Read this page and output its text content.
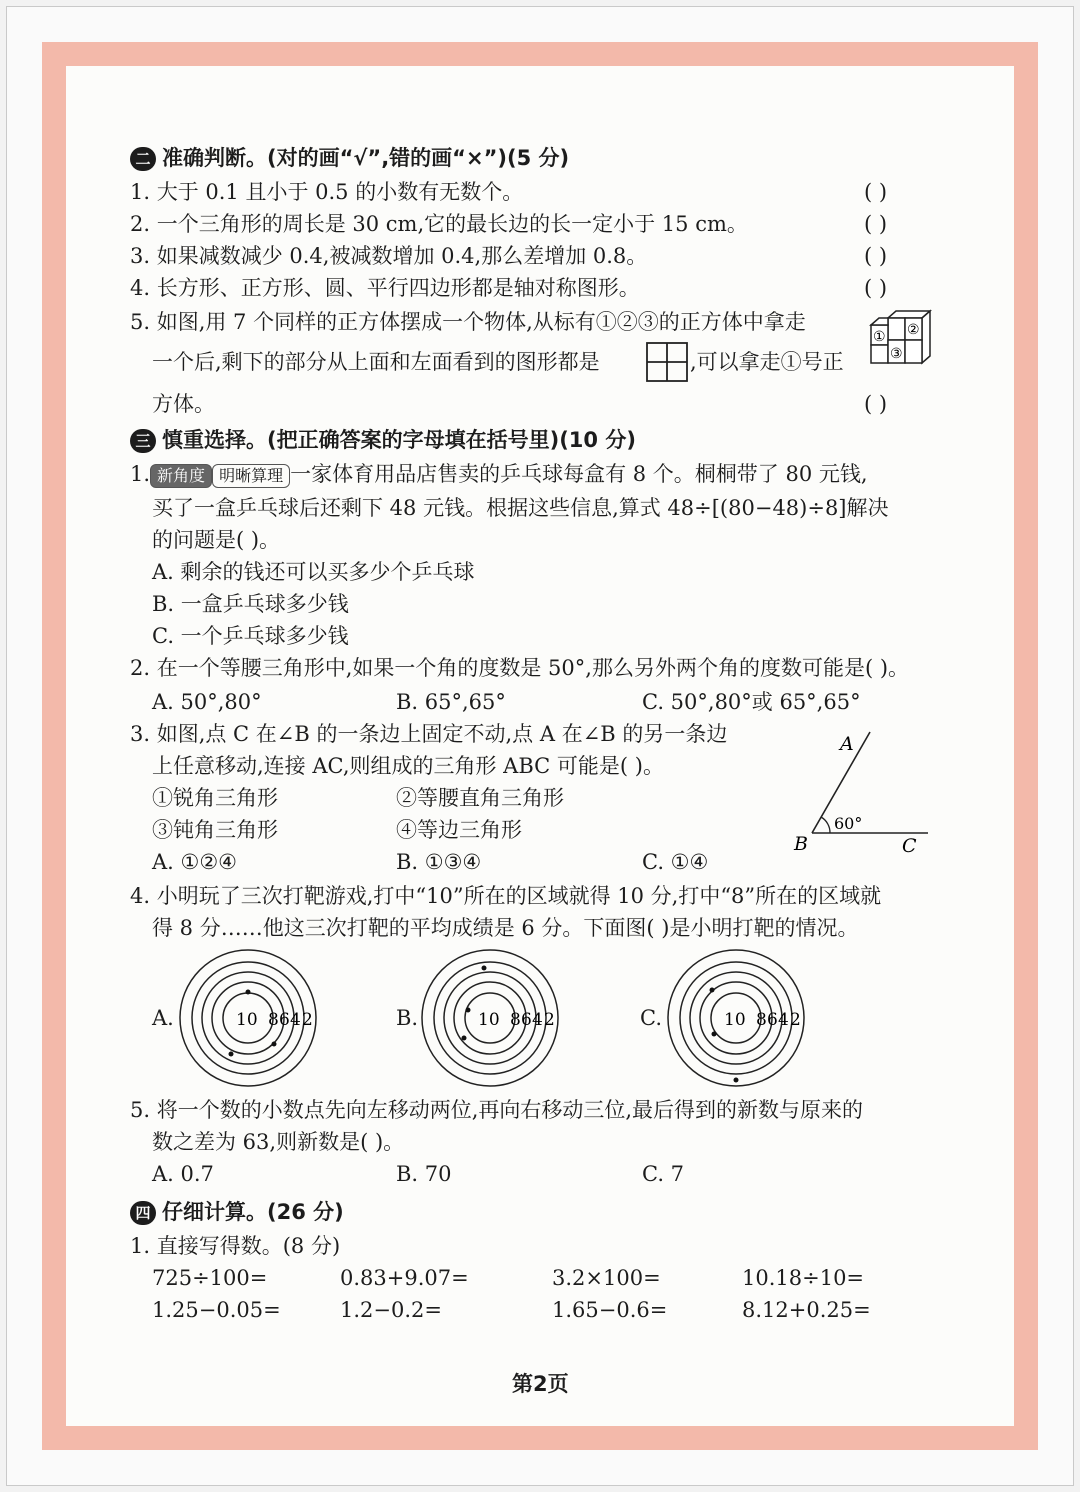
二 准确判断。(对的画“√”,错的画“×”)(5 分)
1. 大于 0.1 且小于 0.5 的小数有无数个。	( )
2. 一个三角形的周长是 30 cm,它的最长边的长一定小于 15 cm。	( )
3. 如果减数减少 0.4,被减数增加 0.4,那么差增加 0.8。	( )
4. 长方形、正方形、圆、平行四边形都是轴对称图形。	( )
5. 如图,用 7 个同样的正方体摆成一个物体,从标有①②③的正方体中拿走
一个后,剩下的部分从上面和左面看到的图形都是	,可以拿走①号正
方体。	( )
① ②
③
三 慎重选择。(把正确答案的字母填在括号里)(10 分)
1. 新角度 明晰算理 一家体育用品店售卖的乒乓球每盒有 8 个。桐桐带了 80 元钱,
买了一盒乒乓球后还剩下 48 元钱。根据这些信息,算式 48÷[(80−48)÷8]解决
的问题是( )。
A. 剩余的钱还可以买多少个乒乓球
B. 一盒乒乓球多少钱
C. 一个乒乓球多少钱
2. 在一个等腰三角形中,如果一个角的度数是 50°,那么另外两个角的度数可能是( )。
A. 50°,80°	B. 65°,65°	C. 50°,80°或 65°,65°
3. 如图,点 C 在∠B 的一条边上固定不动,点 A 在∠B 的另一条边
上任意移动,连接 AC,则组成的三角形 ABC 可能是( )。
①锐角三角形	②等腰直角三角形
③钝角三角形	④等边三角形
A. ①②④	B. ①③④	C. ①④
A
B	C
60°
4. 小明玩了三次打靶游戏,打中“10”所在的区域就得 10 分,打中“8”所在的区域就
得 8 分……他这三次打靶的平均成绩是 6 分。下面图( )是小明打靶的情况。
A.	B.	C.
10 8 6 4 2	10 8 6 4 2	10 8 6 4 2
5. 将一个数的小数点先向左移动两位,再向右移动三位,最后得到的新数与原来的
数之差为 63,则新数是( )。
A. 0.7	B. 70	C. 7
四 仔细计算。(26 分)
1. 直接写得数。(8 分)
725÷100=	0.83+9.07=	3.2×100=	10.18÷10=
1.25−0.05=	1.2−0.2=	1.65−0.6=	8.12+0.25=
第2页
